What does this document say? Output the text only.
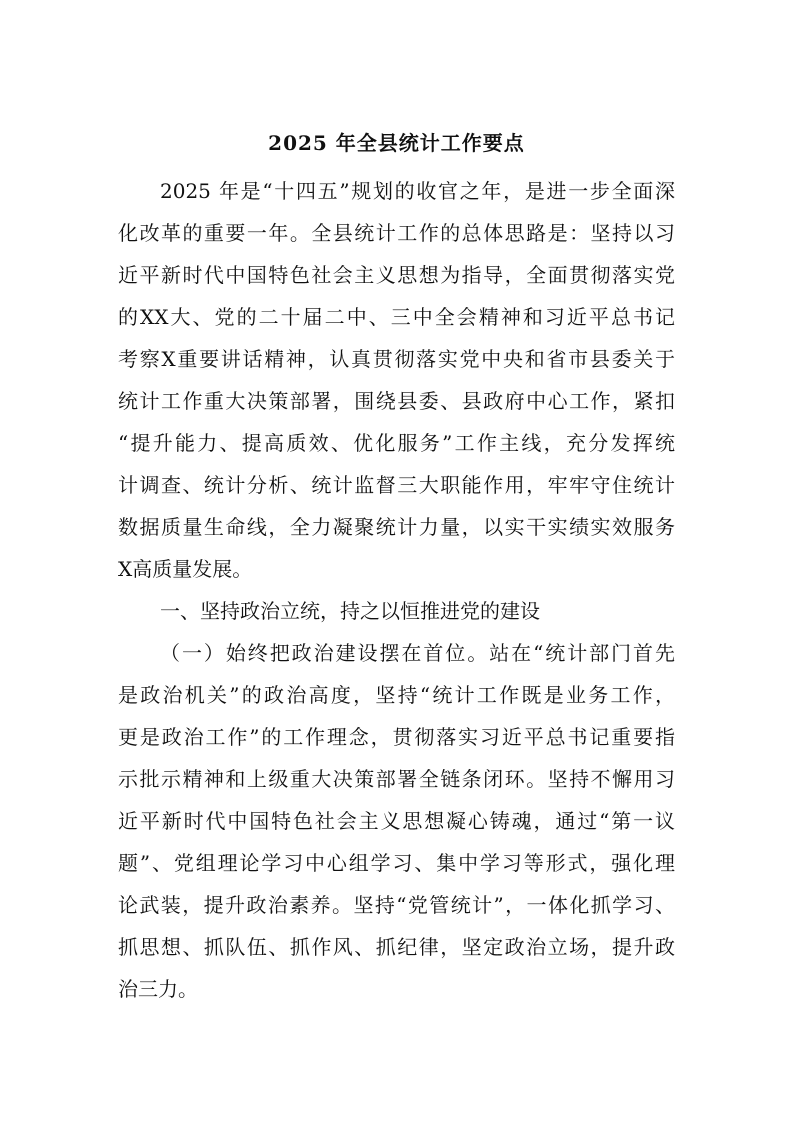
2025 年全县统计工作要点
2025 年是“十四五”规划的收官之年，是进一步全面深
化改革的重要一年。全县统计工作的总体思路是：坚持以习
近平新时代中国特色社会主义思想为指导，全面贯彻落实党
的XX大、党的二十届二中、三中全会精神和习近平总书记
考察X重要讲话精神，认真贯彻落实党中央和省市县委关于
统计工作重大决策部署，围绕县委、县政府中心工作，紧扣
“提升能力、提高质效、优化服务”工作主线，充分发挥统
计调查、统计分析、统计监督三大职能作用，牢牢守住统计
数据质量生命线，全力凝聚统计力量，以实干实绩实效服务
X高质量发展。
一、坚持政治立统，持之以恒推进党的建设
（一）始终把政治建设摆在首位。站在“统计部门首先
是政治机关”的政治高度，坚持“统计工作既是业务工作，
更是政治工作”的工作理念，贯彻落实习近平总书记重要指
示批示精神和上级重大决策部署全链条闭环。坚持不懈用习
近平新时代中国特色社会主义思想凝心铸魂，通过“第一议
题”、党组理论学习中心组学习、集中学习等形式，强化理
论武装，提升政治素养。坚持“党管统计”，一体化抓学习、
抓思想、抓队伍、抓作风、抓纪律，坚定政治立场，提升政
治三力。
